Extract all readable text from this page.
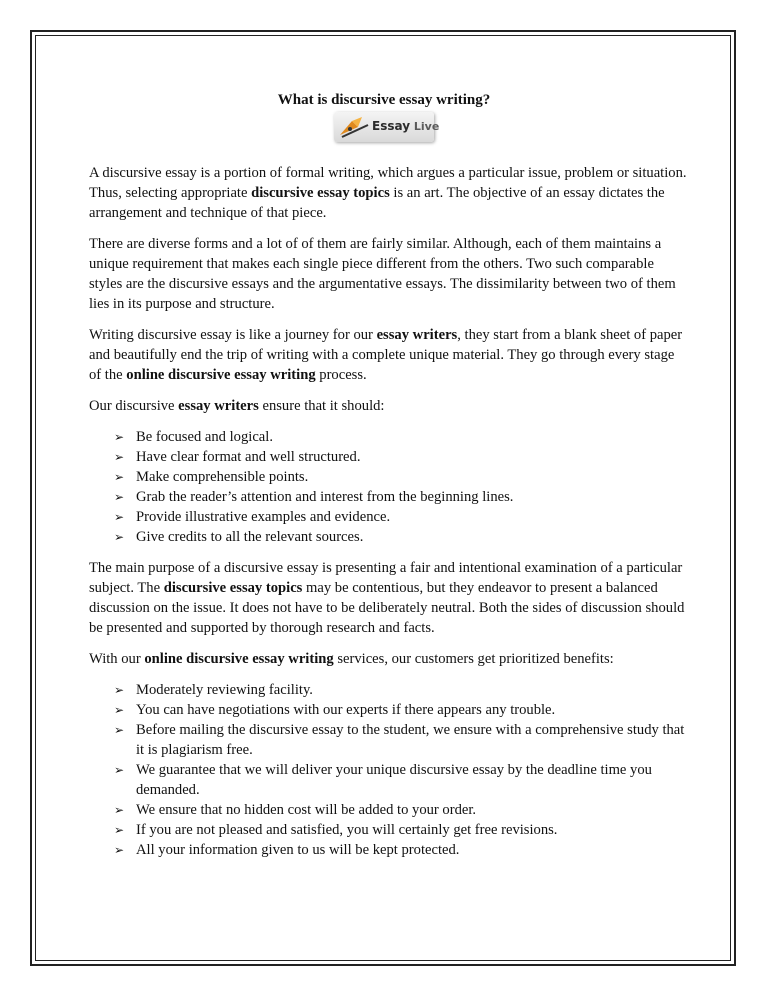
What is discursive essay writing?
Essay Live

A discursive essay is a portion of formal writing, which argues a particular issue, problem or situation. Thus, selecting appropriate discursive essay topics is an art. The objective of an essay dictates the arrangement and technique of that piece.

There are diverse forms and a lot of of them are fairly similar. Although, each of them maintains a unique requirement that makes each single piece different from the others. Two such comparable styles are the discursive essays and the argumentative essays. The dissimilarity between two of them lies in its purpose and structure.

Writing discursive essay is like a journey for our essay writers, they start from a blank sheet of paper and beautifully end the trip of writing with a complete unique material. They go through every stage of the online discursive essay writing process.

Our discursive essay writers ensure that it should:

➢ Be focused and logical.
➢ Have clear format and well structured.
➢ Make comprehensible points.
➢ Grab the reader’s attention and interest from the beginning lines.
➢ Provide illustrative examples and evidence.
➢ Give credits to all the relevant sources.

The main purpose of a discursive essay is presenting a fair and intentional examination of a particular subject. The discursive essay topics may be contentious, but they endeavor to present a balanced discussion on the issue. It does not have to be deliberately neutral. Both the sides of discussion should be presented and supported by thorough research and facts.

With our online discursive essay writing services, our customers get prioritized benefits:

➢ Moderately reviewing facility.
➢ You can have negotiations with our experts if there appears any trouble.
➢ Before mailing the discursive essay to the student, we ensure with a comprehensive study that it is plagiarism free.
➢ We guarantee that we will deliver your unique discursive essay by the deadline time you demanded.
➢ We ensure that no hidden cost will be added to your order.
➢ If you are not pleased and satisfied, you will certainly get free revisions.
➢ All your information given to us will be kept protected.
